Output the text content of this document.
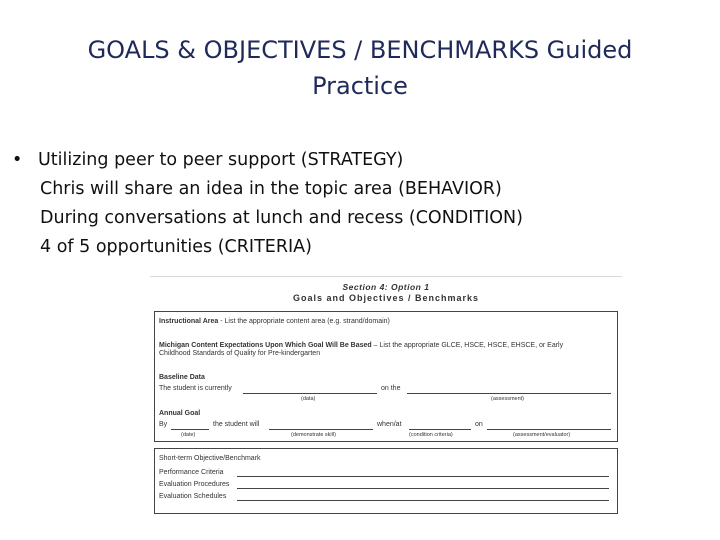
GOALS & OBJECTIVES / BENCHMARKS Guided
Practice
• Utilizing peer to peer support (STRATEGY)
Chris will share an idea in the topic area (BEHAVIOR)
During conversations at lunch and recess (CONDITION)
4 of 5 opportunities (CRITERIA)
Section 4: Option 1
Goals and Objectives / Benchmarks
Instructional Area - List the appropriate content area (e.g. strand/domain)
Michigan Content Expectations Upon Which Goal Will Be Based – List the appropriate GLCE, HSCE, HSCE, EHSCE, or Early
Childhood Standards of Quality for Pre-kindergarten
Baseline Data
The student is currently	on the
(data)	(assessment)
Annual Goal
By	the student will	when/at	on
(date)	(demonstrate skill)	(condition criteria)	(assessment/evaluator)
Short-term Objective/Benchmark
Performance Criteria
Evaluation Procedures
Evaluation Schedules
